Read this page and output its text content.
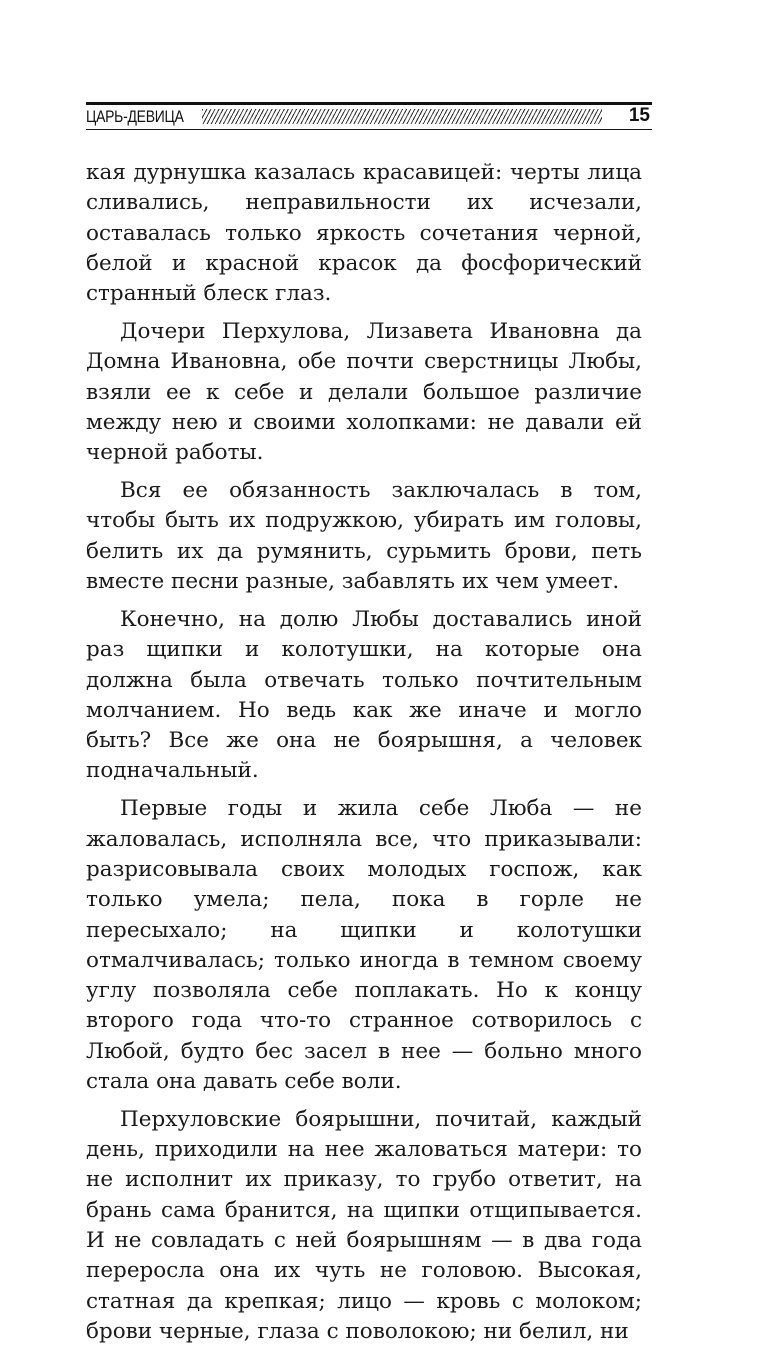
ЦАРЬ-ДЕВИЦА	15

кая дурнушка казалась красавицей: черты лица сливались, неправильности их исчезали, оставалась только яркость сочетания черной, белой и красной красок да фосфорический странный блеск глаз.

Дочери Перхулова, Лизавета Ивановна да Домна Ивановна, обе почти сверстницы Любы, взяли ее к себе и делали большое различие между нею и своими холопками: не давали ей черной работы.

Вся ее обязанность заключалась в том, чтобы быть их подружкою, убирать им головы, белить их да румянить, сурьмить брови, петь вместе песни разные, забавлять их чем умеет.

Конечно, на долю Любы доставались иной раз щипки и колотушки, на которые она должна была отвечать только почтительным молчанием. Но ведь как же иначе и могло быть? Все же она не боярышня, а человек подначальный.

Первые годы и жила себе Люба — не жаловалась, исполняла все, что приказывали: разрисовывала своих молодых госпож, как только умела; пела, пока в горле не пересыхало; на щипки и колотушки отмалчивалась; только иногда в темном своему углу позволяла себе поплакать. Но к концу второго года что-то странное сотворилось с Любой, будто бес засел в нее — больно много стала она давать себе воли.

Перхуловские боярышни, почитай, каждый день, приходили на нее жаловаться матери: то не исполнит их приказу, то грубо ответит, на брань сама бранится, на щипки отщипывается. И не совладать с ней боярышням — в два года переросла она их чуть не головою. Высокая, статная да крепкая; лицо — кровь с молоком; брови черные, глаза с поволокою; ни белил, ни
